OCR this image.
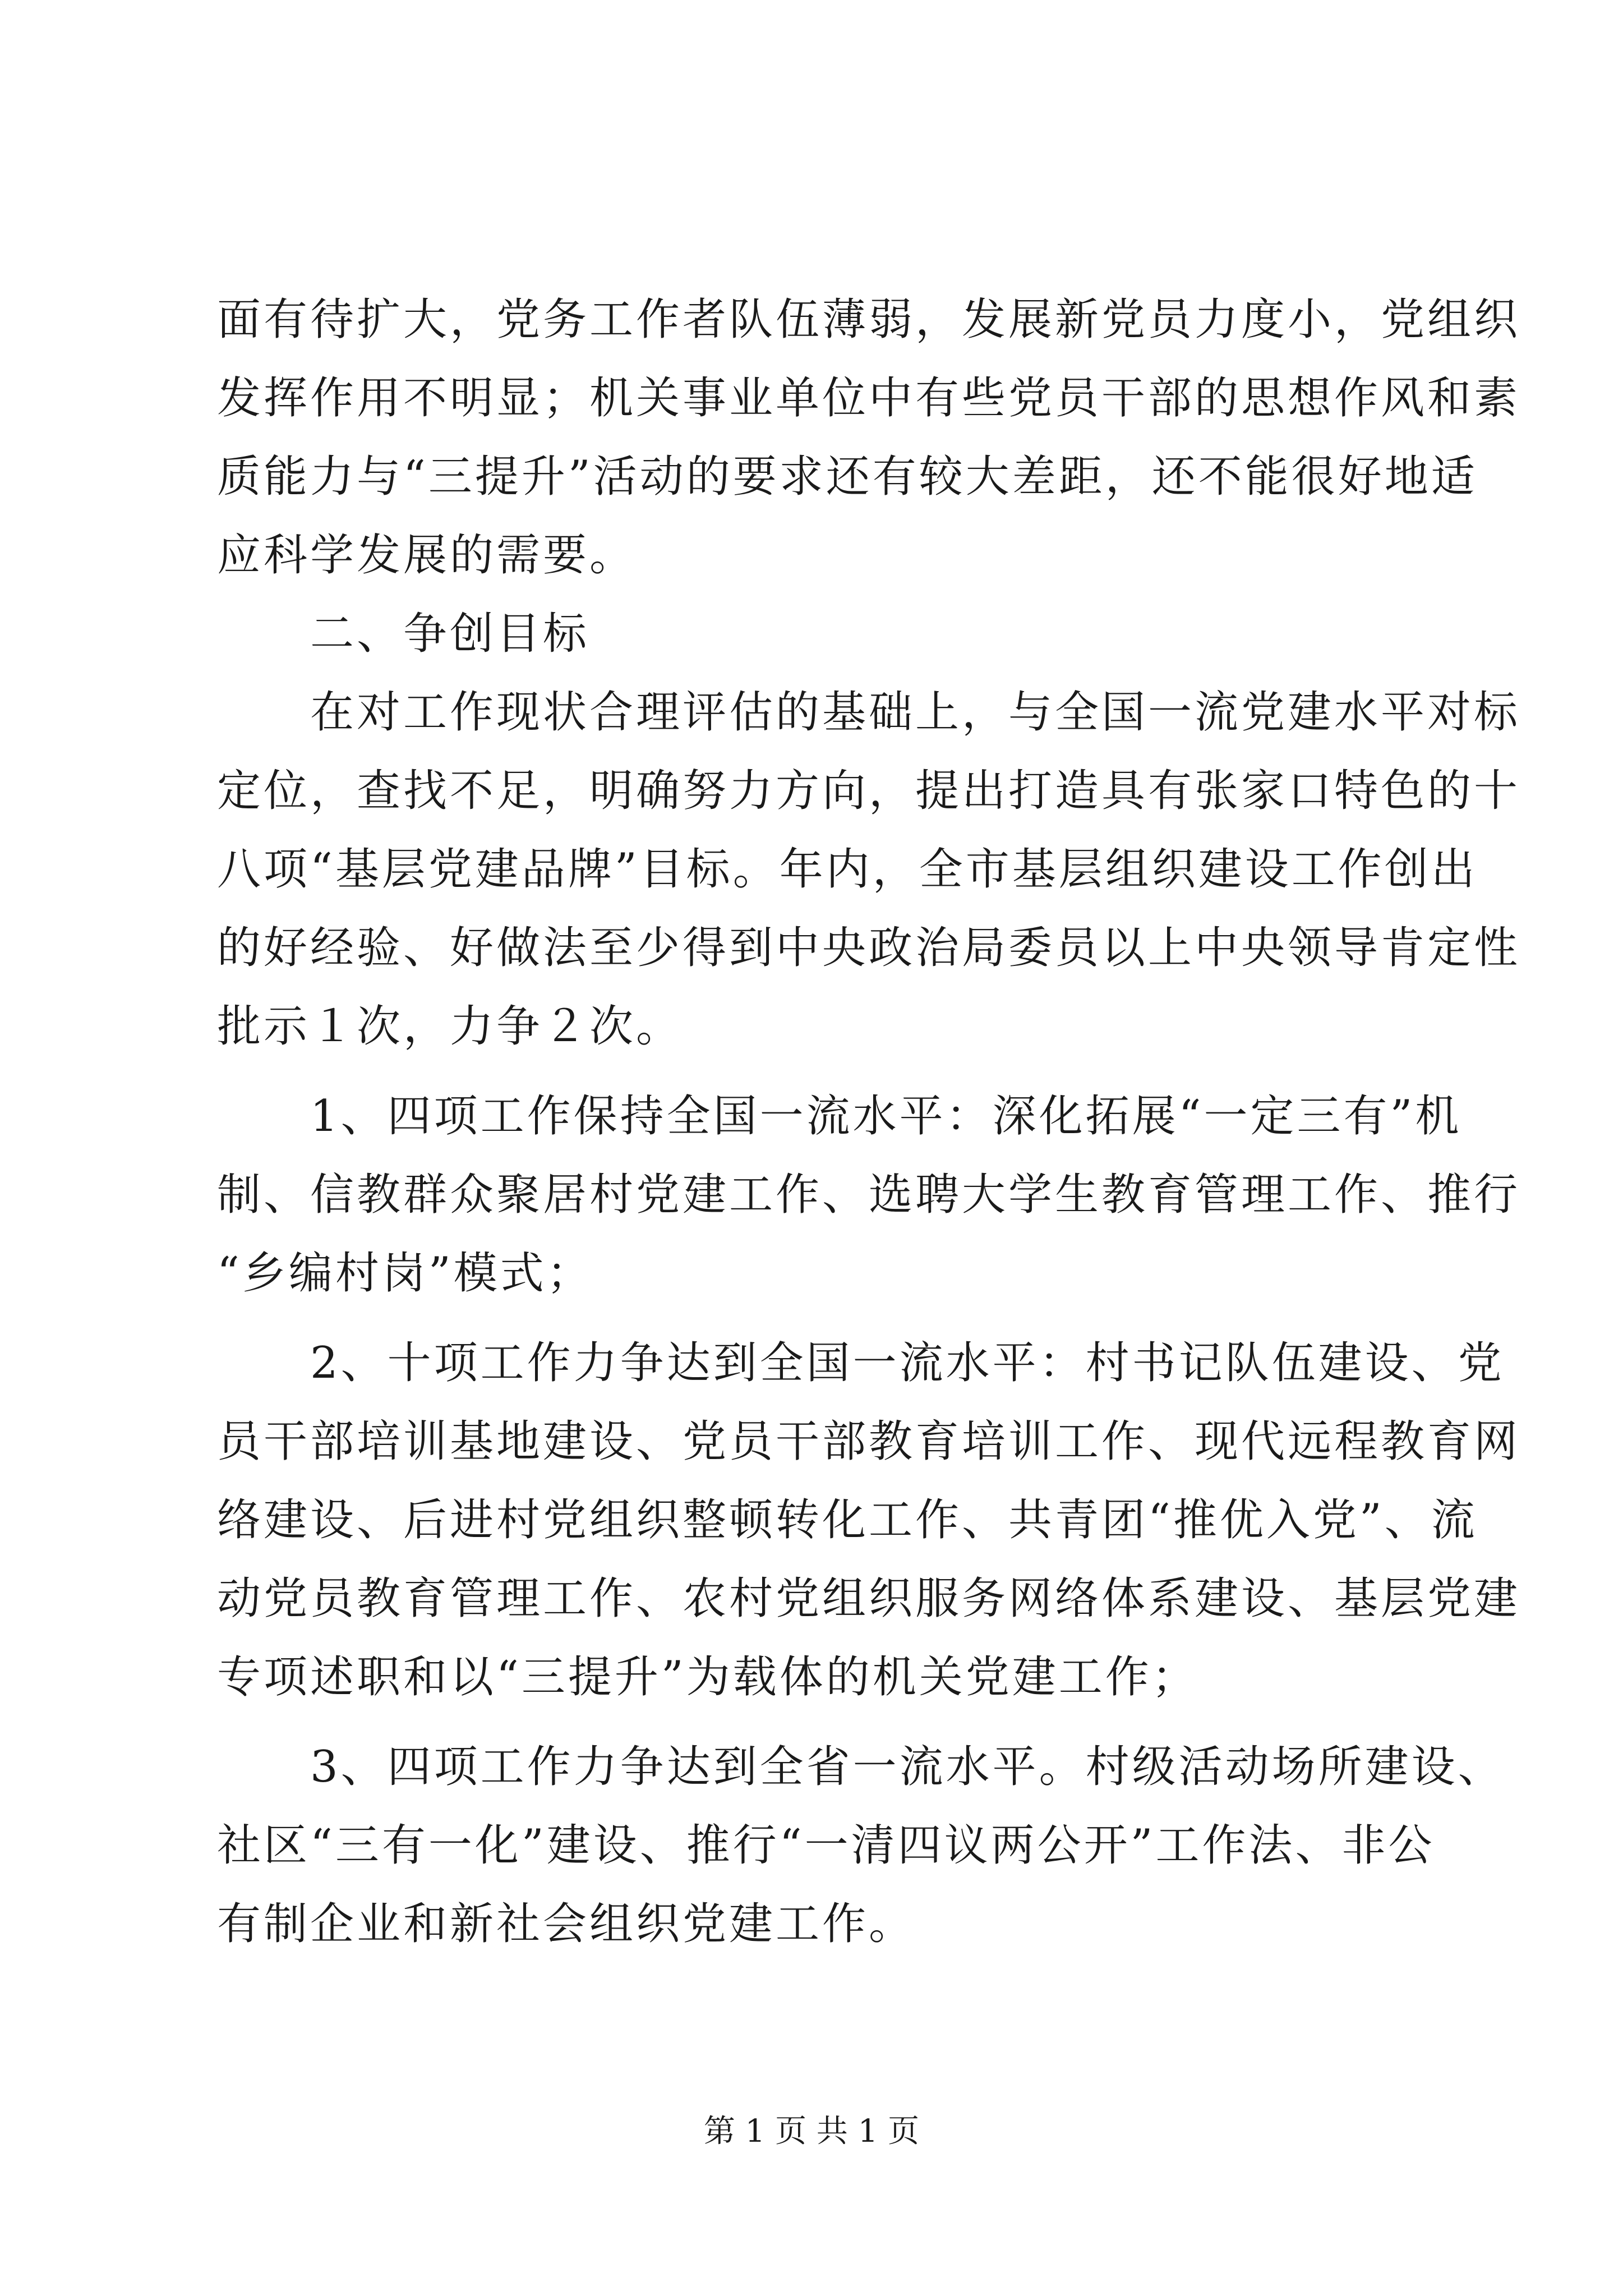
面有待扩大，党务工作者队伍薄弱，发展新党员力度小，党组织
发挥作用不明显；机关事业单位中有些党员干部的思想作风和素
质能力与“三提升”活动的要求还有较大差距，还不能很好地适
应科学发展的需要。
　　二、争创目标
　　在对工作现状合理评估的基础上，与全国一流党建水平对标
定位，查找不足，明确努力方向，提出打造具有张家口特色的十
八项“基层党建品牌”目标。年内，全市基层组织建设工作创出
的好经验、好做法至少得到中央政治局委员以上中央领导肯定性
批示１次，力争２次。
　　1、四项工作保持全国一流水平：深化拓展“一定三有”机
制、信教群众聚居村党建工作、选聘大学生教育管理工作、推行
“乡编村岗”模式；
　　2、十项工作力争达到全国一流水平：村书记队伍建设、党
员干部培训基地建设、党员干部教育培训工作、现代远程教育网
络建设、后进村党组织整顿转化工作、共青团“推优入党”、流
动党员教育管理工作、农村党组织服务网络体系建设、基层党建
专项述职和以“三提升”为载体的机关党建工作；
　　3、四项工作力争达到全省一流水平。村级活动场所建设、
社区“三有一化”建设、推行“一清四议两公开”工作法、非公
有制企业和新社会组织党建工作。
第 1 页 共 1 页
